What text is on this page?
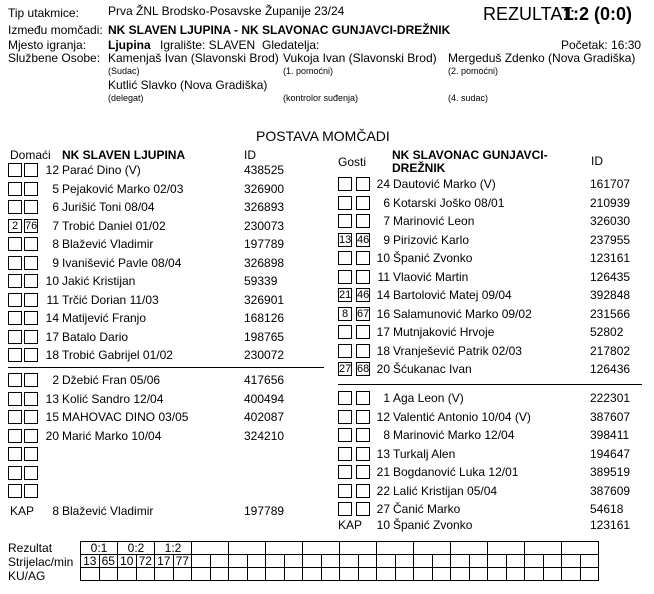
Tip utakmice: Prva ŽNL Brodsko-Posavske Županije 23/24	REZULTAT:
1:2 (0:0)
Između momčadi: NK SLAVEN LJUPINA - NK SLAVONAC GUNJAVCI-DREŽNIK
Mjesto igranja: Ljupina Igralište: SLAVEN Gledatelja:	Početak: 16:30
Službene Osobe: Kamenjaš Ivan (Slavonski Brod)
(Sudac)
Vukoja Ivan (Slavonski Brod)
(1. pomoćni)
Mergeduš Zdenko (Nova Gradiška)
(2. pomoćni)
Kutlić Slavko (Nova Gradiška)
(delegat)	(kontrolor suđenja)	(4. sudac)
POSTAVA MOMČADI
Domaći NK SLAVEN LJUPINA	ID	Gosti NK SLAVONAC GUNJAVCI-
DREŽNIK	ID
12 Parać Dino (V)	438525
5 Pejaković Marko 02/03	326900
6 Jurišić Toni 08/04	326893
2 76	7 Trobić Daniel 01/02	230073
8 Blažević Vladimir	197789
9 Ivanišević Pavle 08/04	326898
10 Jakić Kristijan	59339
11 Trčić Dorian 11/03	326901
14 Matijević Franjo	168126
17 Batalo Dario	198765
18 Trobić Gabrijel 01/02	230072
2 Džebić Fran 05/06	417656
13 Kolić Sandro 12/04	400494
15 MAHOVAC DINO 03/05	402087
20 Marić Marko 10/04	324210
24 Dautović Marko (V)	161707
6 Kotarski Joško 08/01	210939
7 Marinović Leon	326030
13 46	9 Pirizović Karlo	237955
10 Španić Zvonko	123161
11 Vlaović Martin	126435
21 46 14 Bartolović Matej 09/04	392848
8 67 16 Salamunović Marko 09/02	231566
17 Mutnjaković Hrvoje	52802
18 Vranješević Patrik 02/03	217802
27 68 20 Šćukanac Ivan	126436
1 Aga Leon (V)	222301
12 Valentić Antonio 10/04 (V)	387607
8 Marinović Marko 12/04	398411
13 Turkalj Alen	194647
21 Bogdanović Luka 12/01	389519
22 Lalić Kristijan 05/04	387609
27 Čanić Marko	54618
KAP	8 Blažević Vladimir	197789
KAP	10 Španić Zvonko	123161
Rezultat
Strijelac/min
KU/AG
0:1		0:2		1:2																							
13	65	10	72	17	77																						
